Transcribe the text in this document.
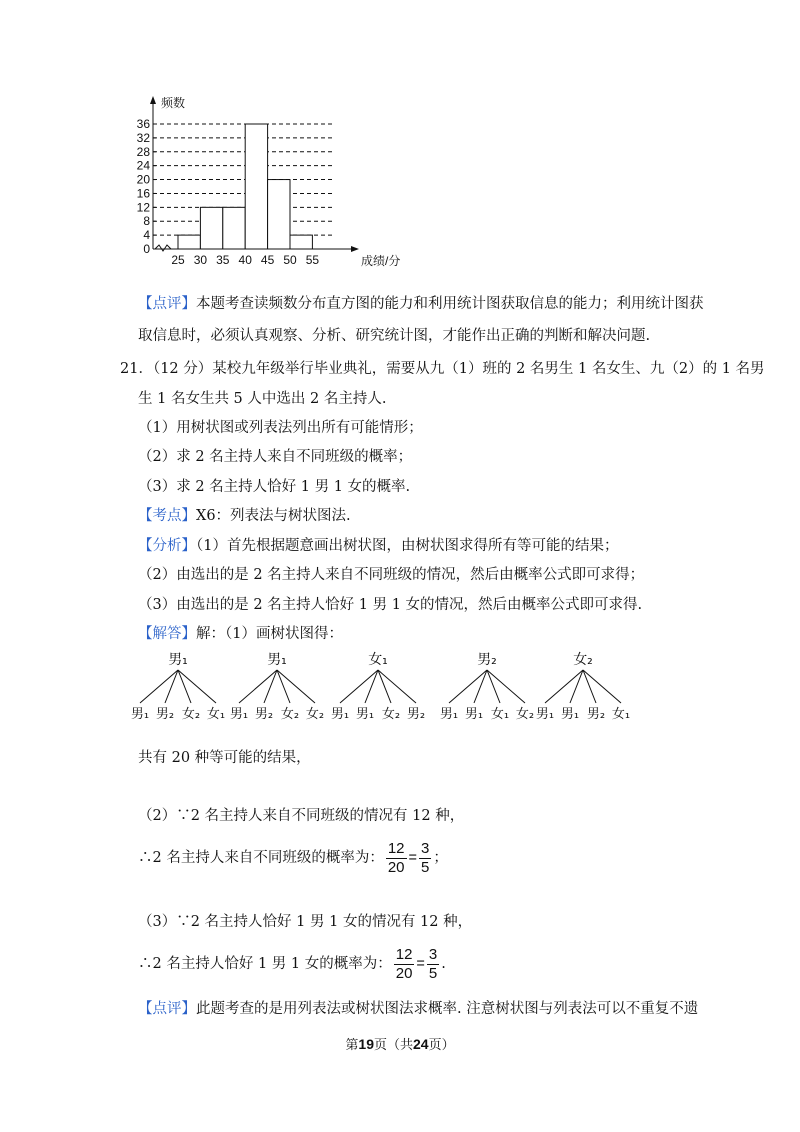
0
4
8
12
16
20
24
28
32
36
25 30 35 40 45 50 55
频数
成绩/分
【点评】本题考查读频数分布直方图的能力和利用统计图获取信息的能力；利用统计图获
取信息时，必须认真观察、分析、研究统计图，才能作出正确的判断和解决问题.
21．（12 分）某校九年级举行毕业典礼，需要从九（1）班的 2 名男生 1 名女生、九（2）的 1 名男
生 1 名女生共 5 人中选出 2 名主持人.
（1）用树状图或列表法列出所有可能情形；
（2）求 2 名主持人来自不同班级的概率；
（3）求 2 名主持人恰好 1 男 1 女的概率.
【考点】X6：列表法与树状图法.
【分析】（1）首先根据题意画出树状图，由树状图求得所有等可能的结果；
（2）由选出的是 2 名主持人来自不同班级的情况，然后由概率公式即可求得；
（3）由选出的是 2 名主持人恰好 1 男 1 女的情况，然后由概率公式即可求得.
【解答】解：（1）画树状图得：
男₁
男₁ 男₂ 女₂ 女₁
男₁
男₁ 男₂ 女₂ 女₂
女₁
男₁ 男₁ 女₂ 男₂
男₂
男₁ 男₁ 女₁ 女₂
女₂
男₁ 男₁ 男₂ 女₁
共有 20 种等可能的结果，
（2）∵2 名主持人来自不同班级的情况有 12 种，
∴2 名主持人来自不同班级的概率为： $\frac{12}{20} = \frac{3}{5}$ ；
（3）∵2 名主持人恰好 1 男 1 女的情况有 12 种，
∴2 名主持人恰好 1 男 1 女的概率为： $\frac{12}{20} = \frac{3}{5}$ .
【点评】此题考查的是用列表法或树状图法求概率. 注意树状图与列表法可以不重复不遗
第19页（共24页）
